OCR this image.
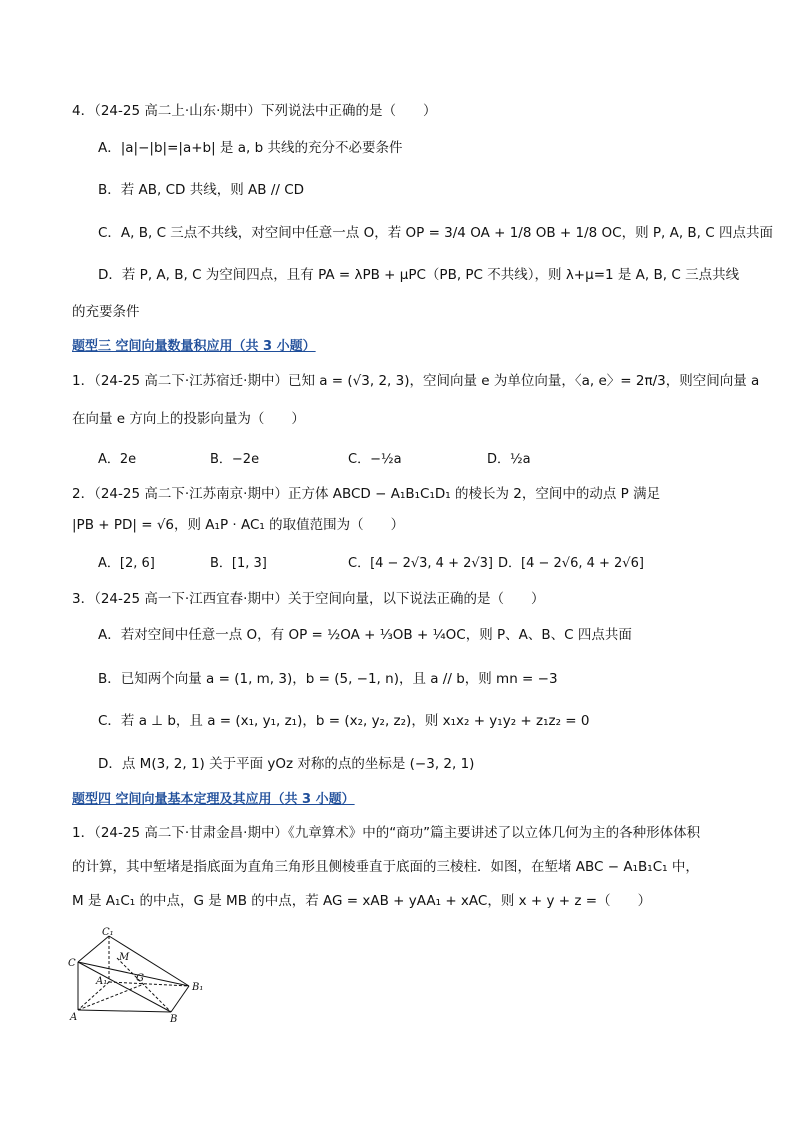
4．（24-25 高二上·山东·期中）下列说法中正确的是（　　）
A．|a|−|b|=|a+b| 是 a, b 共线的充分不必要条件
B．若 AB, CD 共线，则 AB // CD
C．A, B, C 三点不共线，对空间中任意一点 O，若 OP = 3/4 OA + 1/8 OB + 1/8 OC，则 P, A, B, C 四点共面
D．若 P, A, B, C 为空间四点，且有 PA = λPB + μPC（PB, PC 不共线），则 λ+μ=1 是 A, B, C 三点共线
的充要条件
题型三 空间向量数量积应用（共 3 小题）
1．（24-25 高二下·江苏宿迁·期中）已知 a = (√3, 2, 3)，空间向量 e 为单位向量，〈a, e〉= 2π/3，则空间向量 a
在向量 e 方向上的投影向量为（　　）
A．2e	B．−2e	C．−½a	D．½a
2．（24-25 高二下·江苏南京·期中）正方体 ABCD − A₁B₁C₁D₁ 的棱长为 2，空间中的动点 P 满足
|PB + PD| = √6，则 A₁P · AC₁ 的取值范围为（　　）
A．[2, 6]	B．[1, 3]	C．[4 − 2√3, 4 + 2√3] D．[4 − 2√6, 4 + 2√6]
3．（24-25 高一下·江西宜春·期中）关于空间向量，以下说法正确的是（　　）
A．若对空间中任意一点 O，有 OP = ½OA + ⅓OB + ¼OC，则 P、A、B、C 四点共面
B．已知两个向量 a = (1, m, 3)，b = (5, −1, n)，且 a // b，则 mn = −3
C．若 a ⊥ b，且 a = (x₁, y₁, z₁)，b = (x₂, y₂, z₂)，则 x₁x₂ + y₁y₂ + z₁z₂ = 0
D．点 M(3, 2, 1) 关于平面 yOz 对称的点的坐标是 (−3, 2, 1)
题型四 空间向量基本定理及其应用（共 3 小题）
1．（24-25 高二下·甘肃金昌·期中）《九章算术》中的“商功”篇主要讲述了以立体几何为主的各种形体体积
的计算，其中堑堵是指底面为直角三角形且侧棱垂直于底面的三棱柱．如图，在堑堵 ABC − A₁B₁C₁ 中，
M 是 A₁C₁ 的中点，G 是 MB 的中点，若 AG = xAB + yAA₁ + xAC，则 x + y + z =（　　）
C₁
C
M
A₁	G
B₁
A	B
